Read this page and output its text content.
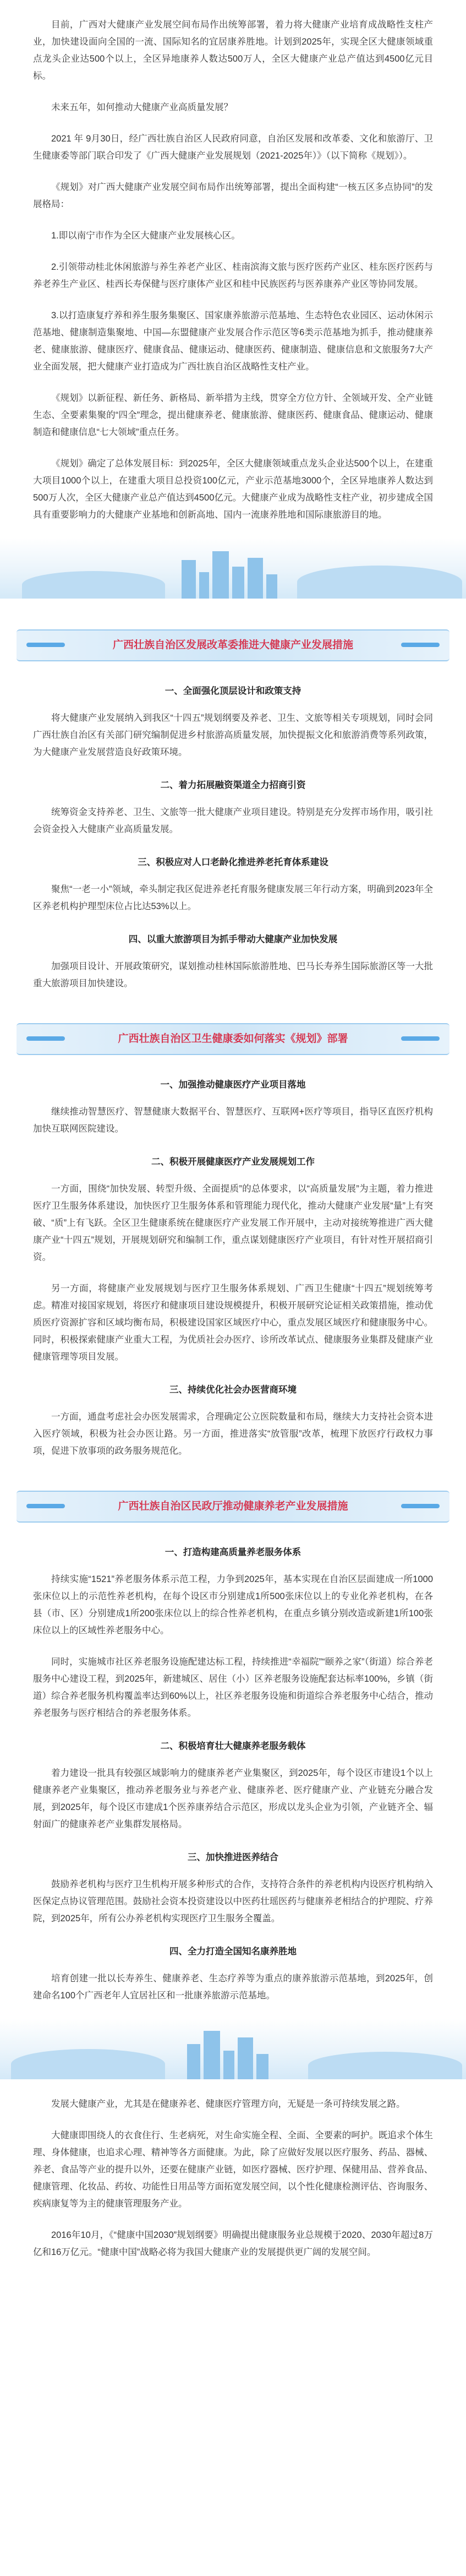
目前，广西对大健康产业发展空间布局作出统筹部署，着力将大健康产业培育成战略性支柱产业，加快建设面向全国的一流、国际知名的宜居康养胜地。计划到2025年，实现全区大健康领域重点龙头企业达500个以上，全区异地康养人数达500万人，全区大健康产业总产值达到4500亿元目标。

未来五年，如何推动大健康产业高质量发展？

2021 年 9月30日，经广西壮族自治区人民政府同意，自治区发展和改革委、文化和旅游厅、卫生健康委等部门联合印发了《广西大健康产业发展规划（2021-2025年）》（以下简称《规划》）。

《规划》对广西大健康产业发展空间布局作出统筹部署，提出全面构建“一核五区多点协同”的发展格局：

1.即以南宁市作为全区大健康产业发展核心区。

2.引领带动桂北休闲旅游与养生养老产业区、桂南滨海文旅与医疗医药产业区、桂东医疗医药与养老养生产业区、桂西长寿保健与医疗康体产业区和桂中民族医药与医养康养产业区等协同发展。

3.以打造康复疗养和养生服务集聚区、国家康养旅游示范基地、生态特色农业园区、运动休闲示范基地、健康制造集聚地、中国—东盟健康产业发展合作示范区等6类示范基地为抓手，推动健康养老、健康旅游、健康医疗、健康食品、健康运动、健康医药、健康制造、健康信息和文旅服务7大产业全面发展，把大健康产业打造成为广西壮族自治区战略性支柱产业。

《规划》以新征程、新任务、新格局、新举措为主线，贯穿全方位方针、全领域开发、全产业链生态、全要素集聚的“四全”理念，提出健康养老、健康旅游、健康医药、健康食品、健康运动、健康制造和健康信息“七大领域”重点任务。

《规划》确定了总体发展目标：到2025年，全区大健康领域重点龙头企业达500个以上，在建重大项目1000个以上，在建重大项目总投资100亿元，产业示范基地3000个，全区异地康养人数达到500万人次，全区大健康产业总产值达到4500亿元。大健康产业成为战略性支柱产业，初步建成全国具有重要影响力的大健康产业基地和创新高地、国内一流康养胜地和国际康旅游目的地。

广西壮族自治区发展改革委推进大健康产业发展措施
一、全面强化顶层设计和政策支持

将大健康产业发展纳入到我区“十四五”规划纲要及养老、卫生、文旅等相关专项规划，同时会同广西壮族自治区有关部门研究编制促进乡村旅游高质量发展，加快提振文化和旅游消费等系列政策，为大健康产业发展营造良好政策环境。

二、着力拓展融资渠道全力招商引资

统筹资金支持养老、卫生、文旅等一批大健康产业项目建设。特别是充分发挥市场作用，吸引社会资金投入大健康产业高质量发展。

三、积极应对人口老龄化推进养老托育体系建设

聚焦“一老一小”领域，牵头制定我区促进养老托育服务健康发展三年行动方案，明确到2023年全区养老机构护理型床位占比达53%以上。

四、以重大旅游项目为抓手带动大健康产业加快发展

加强项目设计、开展政策研究，谋划推动桂林国际旅游胜地、巴马长寿养生国际旅游区等一大批重大旅游项目加快建设。

广西壮族自治区卫生健康委如何落实《规划》部署
一、加强推动健康医疗产业项目落地

继续推动智慧医疗、智慧健康大数据平台、智慧医疗、互联网+医疗等项目，指导区直医疗机构加快互联网医院建设。

二、积极开展健康医疗产业发展规划工作

一方面，围绕“加快发展、转型升级、全面提质”的总体要求，以“高质量发展”为主题，着力推进医疗卫生服务体系建设，加快医疗卫生服务体系和管理能力现代化，推动大健康产业发展“量”上有突破、“质”上有飞跃。全区卫生健康系统在健康医疗产业发展工作开展中，主动对接统筹推进广西大健康产业“十四五”规划，开展规划研究和编制工作，重点谋划健康医疗产业项目，有针对性开展招商引资。

另一方面，将健康产业发展规划与医疗卫生服务体系规划、广西卫生健康“十四五”规划统筹考虑。精准对接国家规划，将医疗和健康项目建设规模提升，积极开展研究论证相关政策措施，推动优质医疗资源扩容和区域均衡布局，积极建设国家区域医疗中心，重点发展区域医疗和健康服务中心。同时，积极探索健康产业重大工程，为优质社会办医疗、诊所改革试点、健康服务业集群及健康产业健康管理等项目发展。

三、持续优化社会办医营商环境

一方面，通盘考虑社会办医发展需求，合理确定公立医院数量和布局，继续大力支持社会资本进入医疗领域，积极为社会办医让路。另一方面，推进落实“放管服”改革，梳理下放医疗行政权力事项，促进下放事项的政务服务规范化。

广西壮族自治区民政厅推动健康养老产业发展措施
一、打造构建高质量养老服务体系

持续实施“1521”养老服务体系示范工程，力争到2025年，基本实现在自治区层面建成一所1000张床位以上的示范性养老机构，在每个设区市分别建成1所500张床位以上的专业化养老机构，在各县（市、区）分别建成1所200张床位以上的综合性养老机构，在重点乡镇分别改造或新建1所100张床位以上的区域性养老服务中心。

同时，实施城市社区养老服务设施配建达标工程，持续推进“幸福院”“颐养之家”（街道）综合养老服务中心建设工程，到2025年，新建城区、居住（小）区养老服务设施配套达标率100%，乡镇（街道）综合养老服务机构覆盖率达到60%以上，社区养老服务设施和街道综合养老服务中心结合，推动养老服务与医疗相结合的养老服务体系。

二、积极培育壮大健康养老服务载体

着力建设一批具有较强区域影响力的健康养老产业集聚区，到2025年，每个设区市建设1个以上健康养老产业集聚区，推动养老服务业与养老产业、健康养老、医疗健康产业、产业链充分融合发展，到2025年，每个设区市建成1个医养康养结合示范区，形成以龙头企业为引领，产业链齐全、辐射面广的健康养老产业集群发展格局。

三、加快推进医养结合

鼓励养老机构与医疗卫生机构开展多种形式的合作，支持符合条件的养老机构内设医疗机构纳入医保定点协议管理范围。鼓励社会资本投资建设以中医药壮瑶医药与健康养老相结合的护理院、疗养院，到2025年，所有公办养老机构实现医疗卫生服务全覆盖。

四、全力打造全国知名康养胜地

培育创建一批以长寿养生、健康养老、生态疗养等为重点的康养旅游示范基地，到2025年，创建命名100个广西老年人宜居社区和一批康养旅游示范基地。

发展大健康产业，尤其是在健康养老、健康医疗管理方向，无疑是一条可持续发展之路。

大健康即围绕人的衣食住行、生老病死，对生命实施全程、全面、全要素的呵护。既追求个体生理、身体健康，也追求心理、精神等各方面健康。为此，除了应做好发展以医疗服务、药品、器械、养老、食品等产业的提升以外，还要在健康产业链，如医疗器械、医疗护理、保健用品、营养食品、健康管理、化妆品、药妆、功能性日用品等方面拓宽发展空间，以个性化健康检测评估、咨询服务、疾病康复等为主的健康管理服务产业。

2016年10月，《“健康中国2030”规划纲要》明确提出健康服务业总规模于2020、2030年超过8万亿和16万亿元。“健康中国”战略必将为我国大健康产业的发展提供更广阔的发展空间。
